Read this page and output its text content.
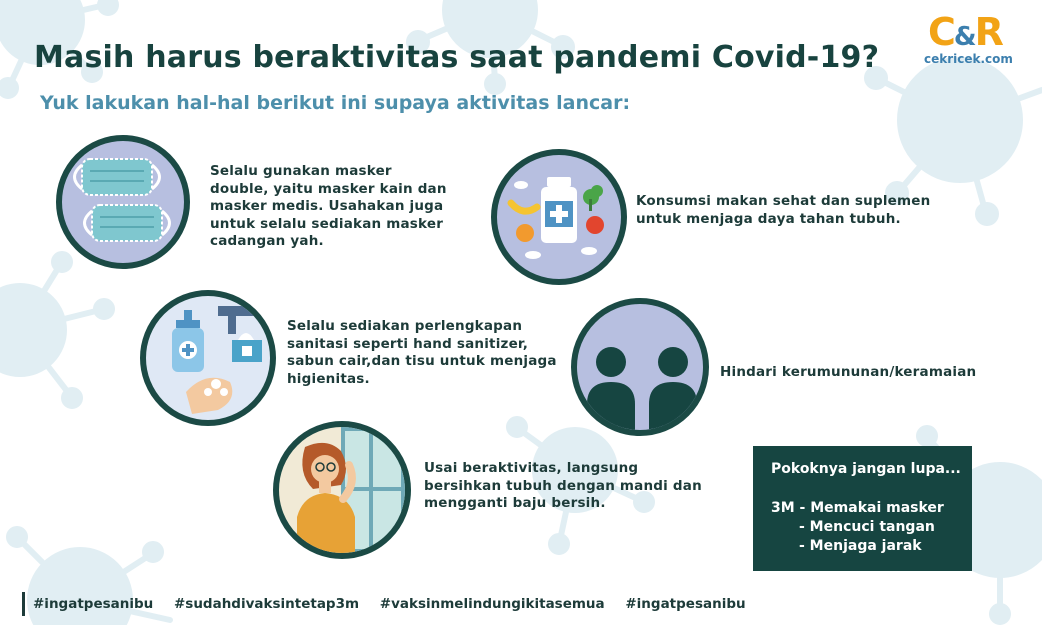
Masih harus beraktivitas saat pandemi Covid-19?
Yuk lakukan hal-hal berikut ini supaya aktivitas lancar:
C&R
cekricek.com
Selalu gunakan masker double, yaitu masker kain dan masker medis. Usahakan juga untuk selalu sediakan masker cadangan yah.
Konsumsi makan sehat dan suplemen untuk menjaga daya tahan tubuh.
Selalu sediakan perlengkapan sanitasi seperti hand sanitizer, sabun cair,dan tisu untuk menjaga higienitas.	Hindari kerumununan/keramaian
Usai beraktivitas, langsung bersihkan tubuh dengan mandi dan mengganti baju bersih.
Pokoknya jangan lupa...
3M - Memakai masker
- Mencuci tangan
- Menjaga jarak
#ingatpesanibu #sudahdivaksintetap3m #vaksinmelindungikitasemua #ingatpesanibu
